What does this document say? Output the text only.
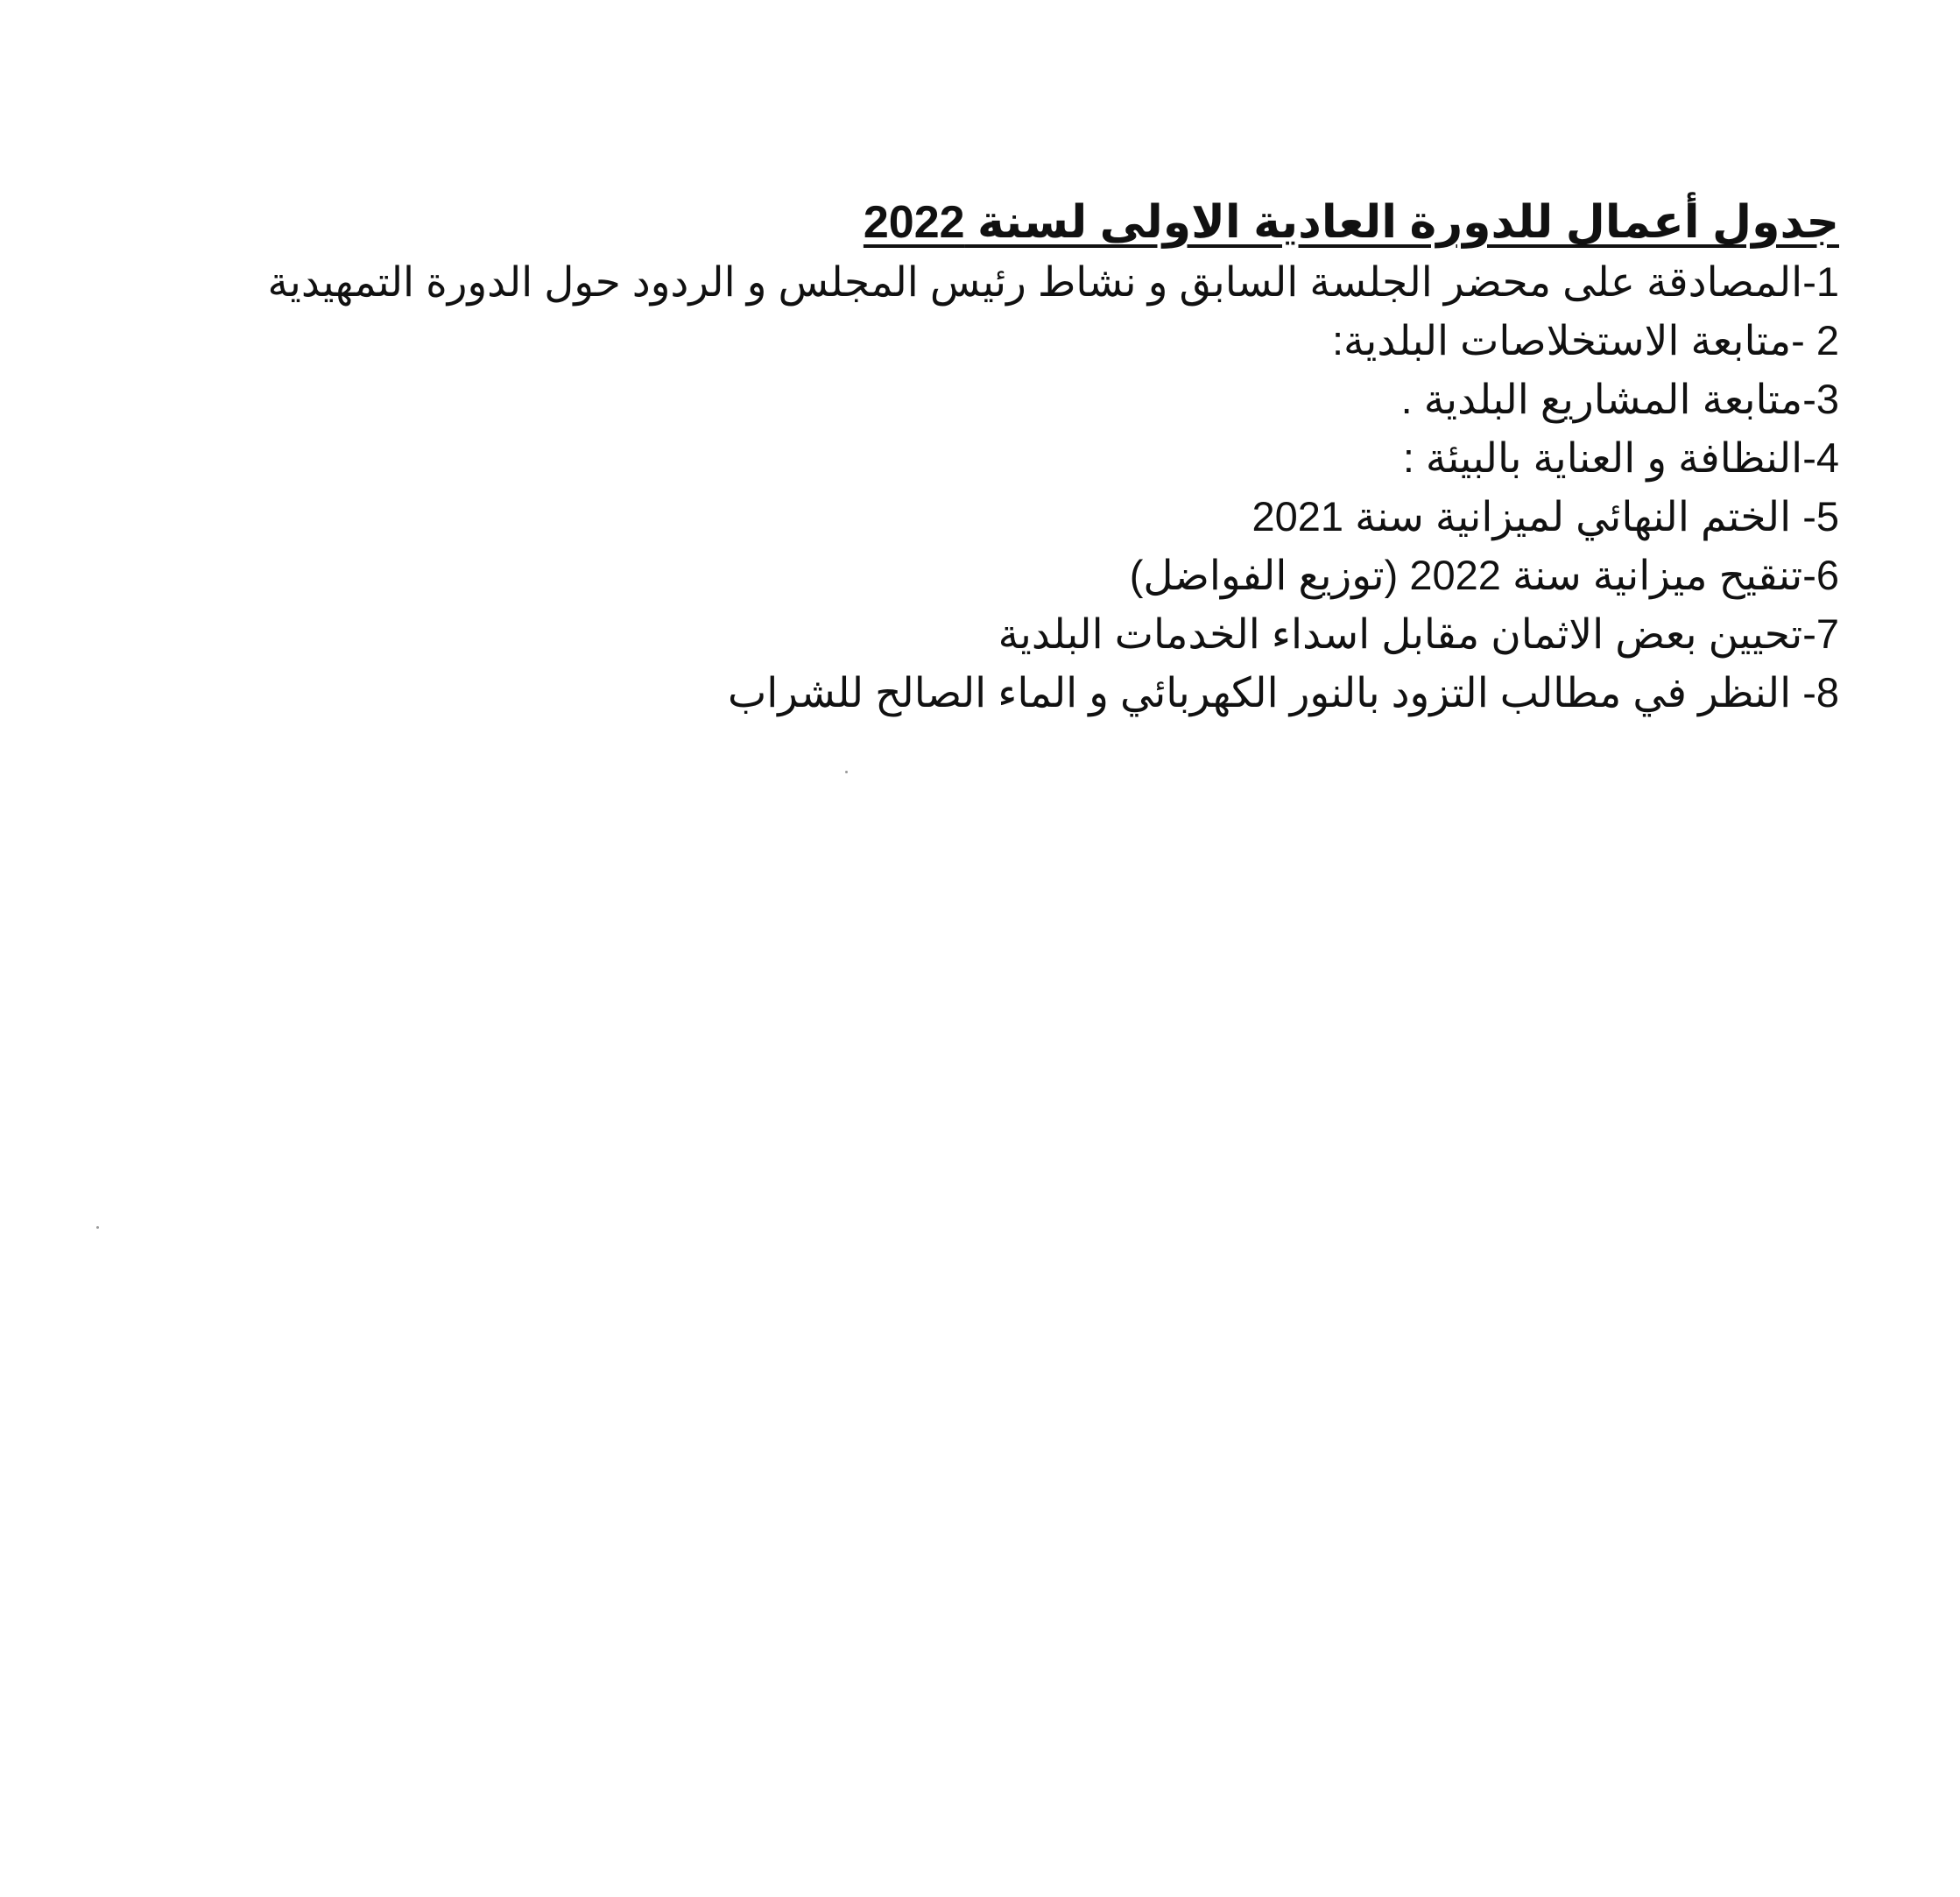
جدول أعمال للدورة العادية الاولى لسنة 2022
1-المصادقة على محضر الجلسة السابق و نشاط رئيس المجلس و الردود حول الدورة التمهيدية
2 -متابعة الاستخلاصات البلدية:
3-متابعة المشاريع البلدية .
4-النظافة و العناية بالبيئة :
5- الختم النهائي لميزانية سنة 2021
6-تنقيح ميزانية سنة 2022 (توزيع الفواضل)
7-تحيين بعض الاثمان مقابل اسداء الخدمات البلدية
8- النظر في مطالب التزود بالنور الكهربائي و الماء الصالح للشراب
